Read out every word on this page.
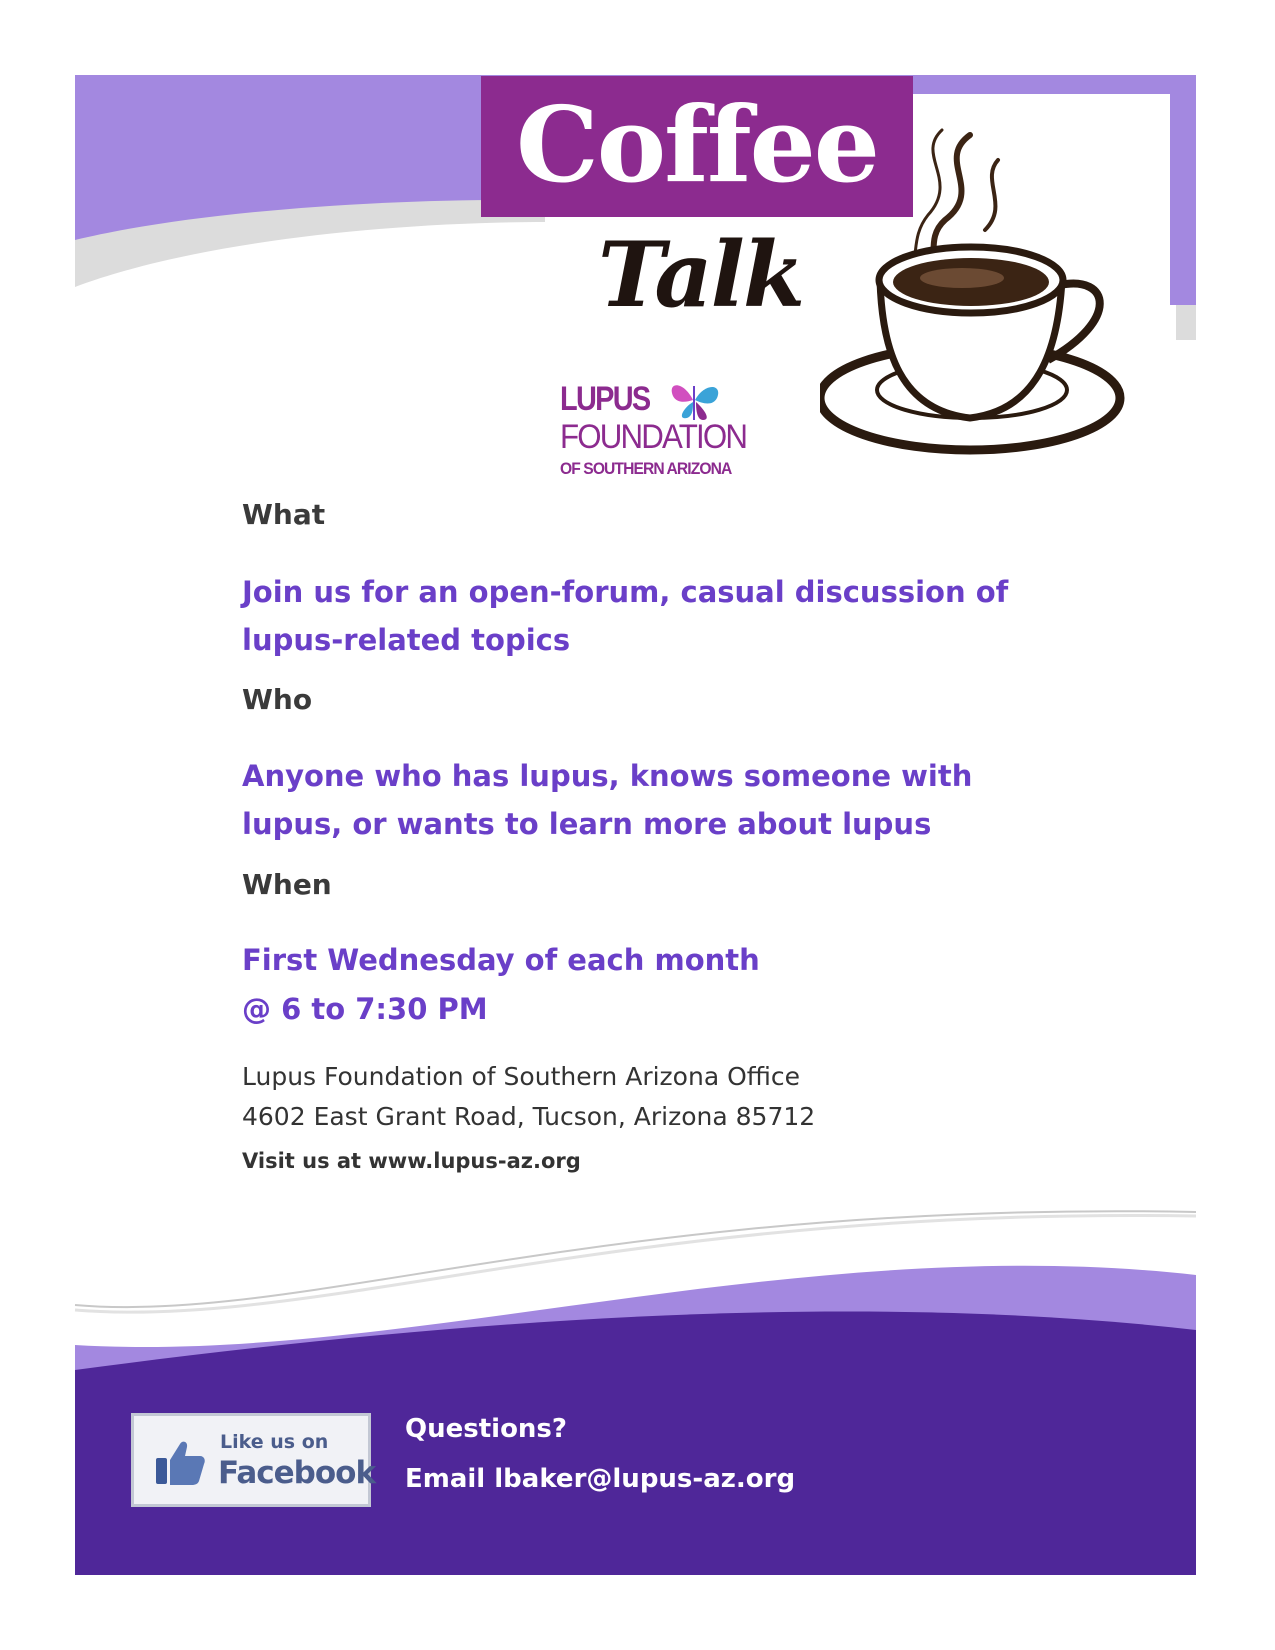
Coffee
Talk
LUPUS
FOUNDATION
OF SOUTHERN ARIZONA
What
Join us for an open-forum, casual discussion of
lupus-related topics
Who
Anyone who has lupus, knows someone with
lupus, or wants to learn more about lupus
When
First Wednesday of each month
@ 6 to 7:30 PM
Lupus Foundation of Southern Arizona Office
4602 East Grant Road, Tucson, Arizona 85712
Visit us at www.lupus-az.org
Like us on
Facebook
Questions?
Email lbaker@lupus-az.org
